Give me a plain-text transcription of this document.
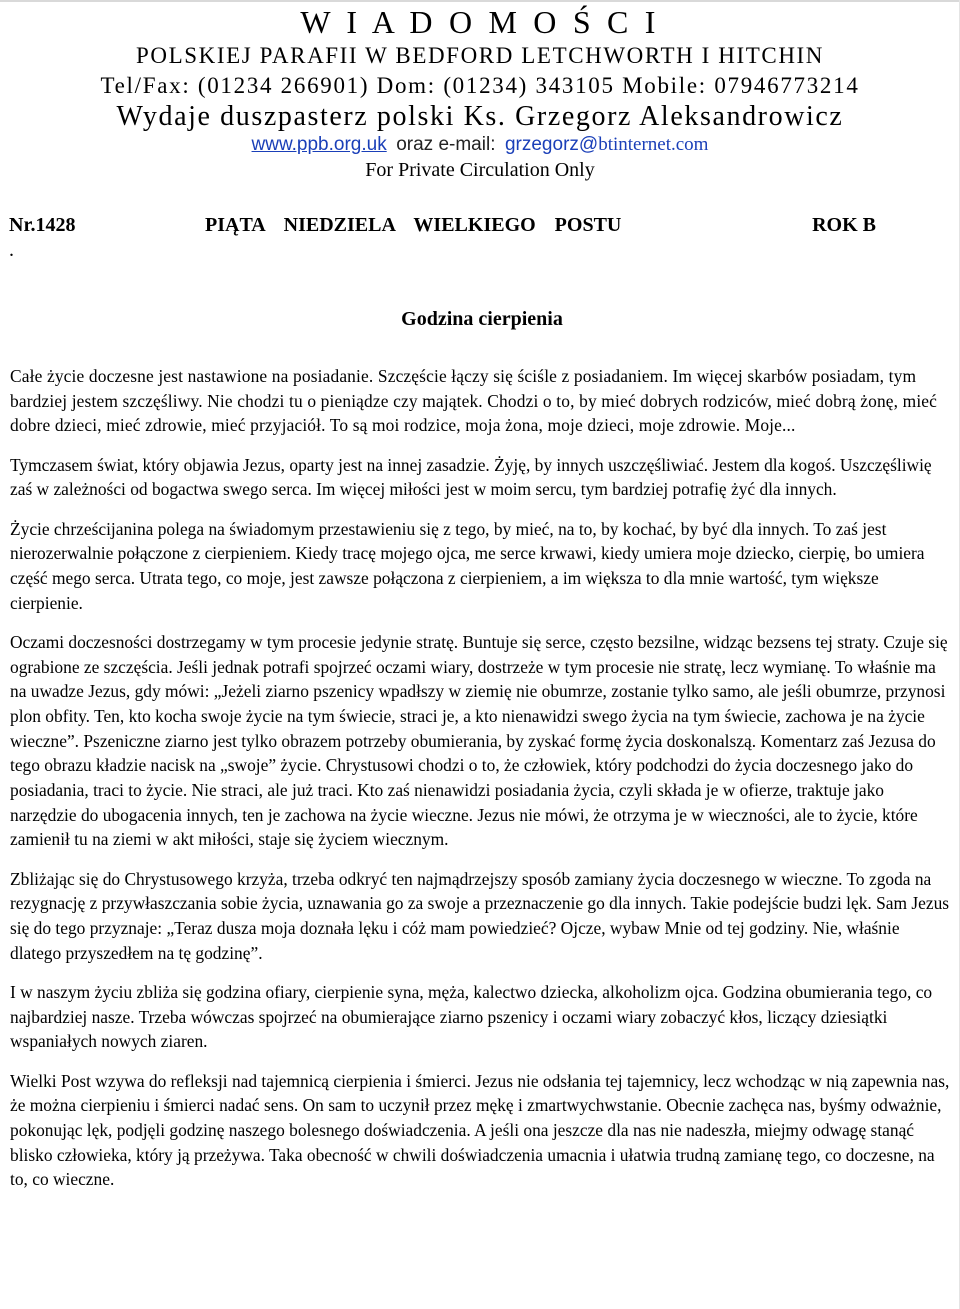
W I A D O M O Ś C I
POLSKIEJ PARAFII W BEDFORD LETCHWORTH I HITCHIN
Tel/Fax: (01234 266901) Dom: (01234) 343105 Mobile: 07946773214
Wydaje duszpasterz polski Ks. Grzegorz Aleksandrowicz
www.ppb.org.uk oraz e-mail: grzegorz@btinternet.com
For Private Circulation Only
Nr.1428	PIĄTA NIEDZIELA WIELKIEGO POSTU	ROK B
.
Godzina cierpienia

Całe życie doczesne jest nastawione na posiadanie. Szczęście łączy się ściśle z posiadaniem. Im więcej skarbów posiadam, tym bardziej jestem szczęśliwy. Nie chodzi tu o pieniądze czy majątek. Chodzi o to, by mieć dobrych rodziców, mieć dobrą żonę, mieć dobre dzieci, mieć zdrowie, mieć przyjaciół. To są moi rodzice, moja żona, moje dzieci, moje zdrowie. Moje...

Tymczasem świat, który objawia Jezus, oparty jest na innej zasadzie. Żyję, by innych uszczęśliwiać. Jestem dla kogoś. Uszczęśliwię zaś w zależności od bogactwa swego serca. Im więcej miłości jest w moim sercu, tym bardziej potrafię żyć dla innych.

Życie chrześcijanina polega na świadomym przestawieniu się z tego, by mieć, na to, by kochać, by być dla innych. To zaś jest nierozerwalnie połączone z cierpieniem. Kiedy tracę mojego ojca, me serce krwawi, kiedy umiera moje dziecko, cierpię, bo umiera część mego serca. Utrata tego, co moje, jest zawsze połączona z cierpieniem, a im większa to dla mnie wartość, tym większe cierpienie.

Oczami doczesności dostrzegamy w tym procesie jedynie stratę. Buntuje się serce, często bezsilne, widząc bezsens tej straty. Czuje się ograbione ze szczęścia. Jeśli jednak potrafi spojrzeć oczami wiary, dostrzeże w tym procesie nie stratę, lecz wymianę. To właśnie ma na uwadze Jezus, gdy mówi: „Jeżeli ziarno pszenicy wpadłszy w ziemię nie obumrze, zostanie tylko samo, ale jeśli obumrze, przynosi plon obfity. Ten, kto kocha swoje życie na tym świecie, straci je, a kto nienawidzi swego życia na tym świecie, zachowa je na życie wieczne”. Pszeniczne ziarno jest tylko obrazem potrzeby obumierania, by zyskać formę życia doskonalszą. Komentarz zaś Jezusa do tego obrazu kładzie nacisk na „swoje” życie. Chrystusowi chodzi o to, że człowiek, który podchodzi do życia doczesnego jako do posiadania, traci to życie. Nie straci, ale już traci. Kto zaś nienawidzi posiadania życia, czyli składa je w ofierze, traktuje jako narzędzie do ubogacenia innych, ten je zachowa na życie wieczne. Jezus nie mówi, że otrzyma je w wieczności, ale to życie, które zamienił tu na ziemi w akt miłości, staje się życiem wiecznym.

Zbliżając się do Chrystusowego krzyża, trzeba odkryć ten najmądrzejszy sposób zamiany życia doczesnego w wieczne. To zgoda na rezygnację z przywłaszczania sobie życia, uznawania go za swoje a przeznaczenie go dla innych. Takie podejście budzi lęk. Sam Jezus się do tego przyznaje: „Teraz dusza moja doznała lęku i cóż mam powiedzieć? Ojcze, wybaw Mnie od tej godziny. Nie, właśnie dlatego przyszedłem na tę godzinę”.

I w naszym życiu zbliża się godzina ofiary, cierpienie syna, męża, kalectwo dziecka, alkoholizm ojca. Godzina obumierania tego, co najbardziej nasze. Trzeba wówczas spojrzeć na obumierające ziarno pszenicy i oczami wiary zobaczyć kłos, liczący dziesiątki wspaniałych nowych ziaren.

Wielki Post wzywa do refleksji nad tajemnicą cierpienia i śmierci. Jezus nie odsłania tej tajemnicy, lecz wchodząc w nią zapewnia nas, że można cierpieniu i śmierci nadać sens. On sam to uczynił przez mękę i zmartwychwstanie. Obecnie zachęca nas, byśmy odważnie, pokonując lęk, podjęli godzinę naszego bolesnego doświadczenia. A jeśli ona jeszcze dla nas nie nadeszła, miejmy odwagę stanąć blisko człowieka, który ją przeżywa. Taka obecność w chwili doświadczenia umacnia i ułatwia trudną zamianę tego, co doczesne, na to, co wieczne.
